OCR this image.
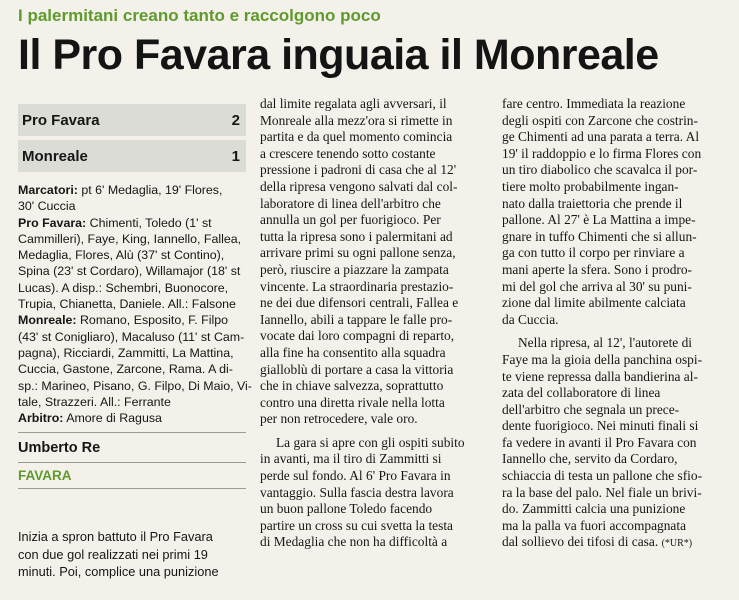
I palermitani creano tanto e raccolgono poco
Il Pro Favara inguaia il Monreale
Pro Favara	2
Monreale	1
Marcatori: pt 6' Medaglia, 19' Flores,
30' Cuccia
Pro Favara: Chimenti, Toledo (1' st
Cammilleri), Faye, King, Iannello, Fallea,
Medaglia, Flores, Alù (37' st Contino),
Spina (23' st Cordaro), Willamajor (18' st
Lucas). A disp.: Schembri, Buonocore,
Trupia, Chianetta, Daniele. All.: Falsone
Monreale: Romano, Esposito, F. Filpo
(43' st Conigliaro), Macaluso (11' st Cam-
pagna), Ricciardi, Zammitti, La Mattina,
Cuccia, Gastone, Zarcone, Rama. A di-
sp.: Marineo, Pisano, G. Filpo, Di Maio, Vi-
tale, Strazzeri. All.: Ferrante
Arbitro: Amore di Ragusa
Umberto Re
FAVARA
Inizia a spron battuto il Pro Favara
con due gol realizzati nei primi 19
minuti. Poi, complice una punizione
dal limite regalata agli avversari, il
Monreale alla mezz'ora si rimette in
partita e da quel momento comincia
a crescere tenendo sotto costante
pressione i padroni di casa che al 12'
della ripresa vengono salvati dal col-
laboratore di linea dell'arbitro che
annulla un gol per fuorigioco. Per
tutta la ripresa sono i palermitani ad
arrivare primi su ogni pallone senza,
però, riuscire a piazzare la zampata
vincente. La straordinaria prestazio-
ne dei due difensori centrali, Fallea e
Iannello, abili a tappare le falle pro-
vocate dai loro compagni di reparto,
alla fine ha consentito alla squadra
gialloblù di portare a casa la vittoria
che in chiave salvezza, soprattutto
contro una diretta rivale nella lotta
per non retrocedere, vale oro.
La gara si apre con gli ospiti subito
in avanti, ma il tiro di Zammitti si
perde sul fondo. Al 6' Pro Favara in
vantaggio. Sulla fascia destra lavora
un buon pallone Toledo facendo
partire un cross su cui svetta la testa
di Medaglia che non ha difficoltà a
fare centro. Immediata la reazione
degli ospiti con Zarcone che costrin-
ge Chimenti ad una parata a terra. Al
19' il raddoppio e lo firma Flores con
un tiro diabolico che scavalca il por-
tiere molto probabilmente ingan-
nato dalla traiettoria che prende il
pallone. Al 27' è La Mattina a impe-
gnare in tuffo Chimenti che si allun-
ga con tutto il corpo per rinviare a
mani aperte la sfera. Sono i prodro-
mi del gol che arriva al 30' su puni-
zione dal limite abilmente calciata
da Cuccia.
Nella ripresa, al 12', l'autorete di
Faye ma la gioia della panchina ospi-
te viene repressa dalla bandierina al-
zata del collaboratore di linea
dell'arbitro che segnala un prece-
dente fuorigioco. Nei minuti finali si
fa vedere in avanti il Pro Favara con
Iannello che, servito da Cordaro,
schiaccia di testa un pallone che sfio-
ra la base del palo. Nel fiale un brivi-
do. Zammitti calcia una punizione
ma la palla va fuori accompagnata
dal sollievo dei tifosi di casa. (*UR*)
